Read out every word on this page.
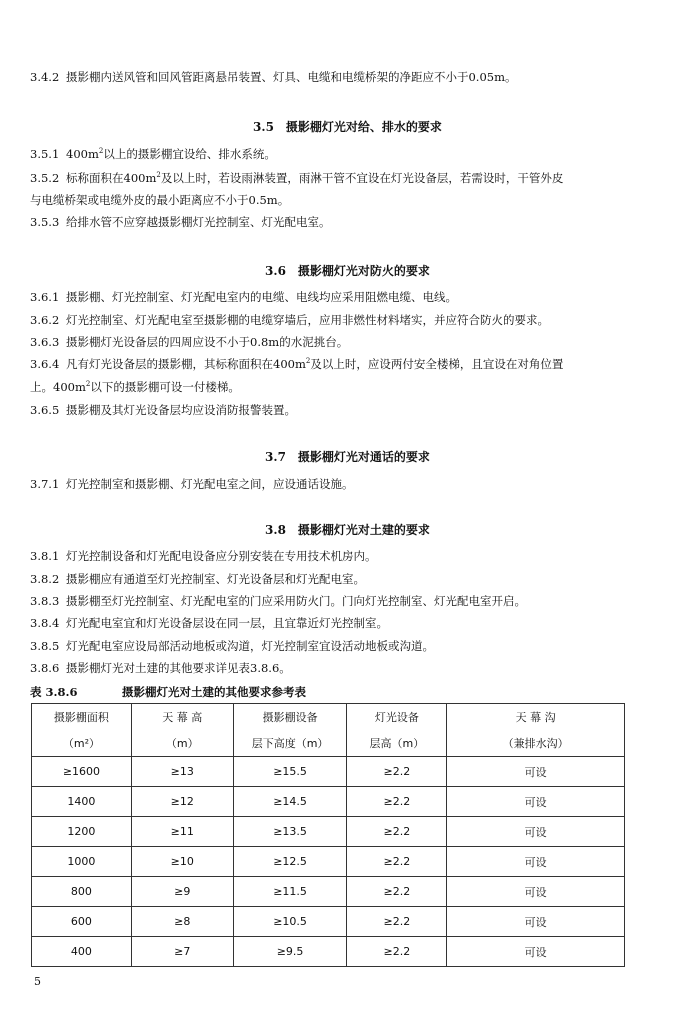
3.4.2 摄影棚内送风管和回风管距离悬吊装置、灯具、电缆和电缆桥架的净距应不小于0.05m。
3.5　摄影棚灯光对给、排水的要求
3.5.1 $400m^2$以上的摄影棚宜设给、排水系统。
3.5.2 标称面积在$400m^2$及以上时，若设雨淋装置，雨淋干管不宜设在灯光设备层，若需设时，干管外皮
与电缆桥架或电缆外皮的最小距离应不小于0.5m。
3.5.3 给排水管不应穿越摄影棚灯光控制室、灯光配电室。
3.6　摄影棚灯光对防火的要求
3.6.1 摄影棚、灯光控制室、灯光配电室内的电缆、电线均应采用阻燃电缆、电线。
3.6.2 灯光控制室、灯光配电室至摄影棚的电缆穿墙后，应用非燃性材料堵实，并应符合防火的要求。
3.6.3 摄影棚灯光设备层的四周应设不小于0.8m的水泥挑台。
3.6.4 凡有灯光设备层的摄影棚，其标称面积在$400m^2$及以上时，应设两付安全楼梯，且宜设在对角位置
上。$400m^2$以下的摄影棚可设一付楼梯。
3.6.5 摄影棚及其灯光设备层均应设消防报警装置。
3.7　摄影棚灯光对通话的要求
3.7.1 灯光控制室和摄影棚、灯光配电室之间，应设通话设施。
3.8　摄影棚灯光对土建的要求
3.8.1 灯光控制设备和灯光配电设备应分别安装在专用技术机房内。
3.8.2 摄影棚应有通道至灯光控制室、灯光设备层和灯光配电室。
3.8.3 摄影棚至灯光控制室、灯光配电室的门应采用防火门。门向灯光控制室、灯光配电室开启。
3.8.4 灯光配电室宜和灯光设备层设在同一层，且宜靠近灯光控制室。
3.8.5 灯光配电室应设局部活动地板或沟道，灯光控制室宜设活动地板或沟道。
3.8.6 摄影棚灯光对土建的其他要求详见表3.8.6。
表 3.8.6	摄影棚灯光对土建的其他要求参考表
摄影棚面积	天 幕 高	摄影棚设备	灯光设备	天 幕 沟
（m²）	（m）	层下高度（m）	层高（m）	（兼排水沟）
≥1600	≥13	≥15.5	≥2.2	可设
1400	≥12	≥14.5	≥2.2	可设
1200	≥11	≥13.5	≥2.2	可设
1000	≥10	≥12.5	≥2.2	可设
800	≥9	≥11.5	≥2.2	可设
600	≥8	≥10.5	≥2.2	可设
400	≥7	≥9.5	≥2.2	可设
5
